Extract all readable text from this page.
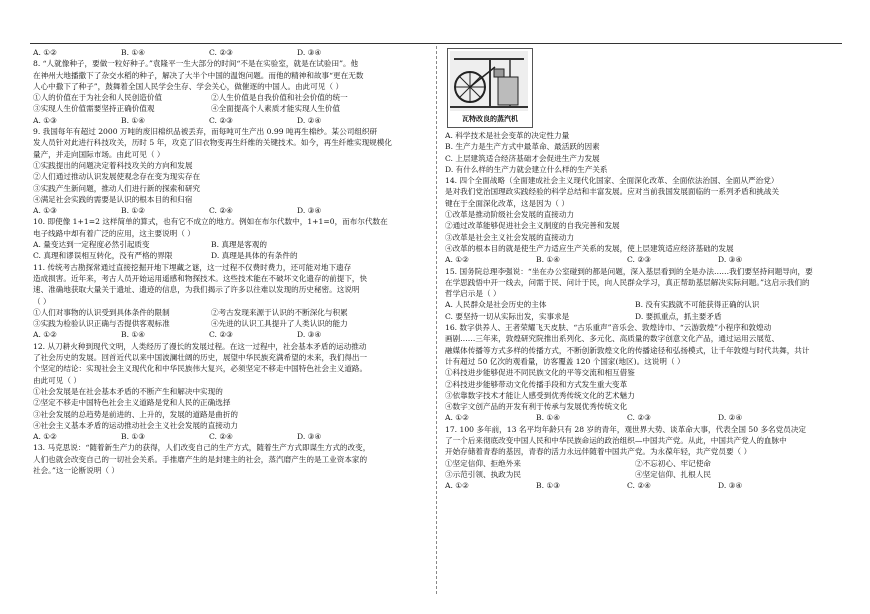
A. ①②	B. ①④	C. ②③	D. ③④
8. “人就像种子，要做一粒好种子。”袁隆平一生大部分的时间“不是在实验室，就是在试验田”。他
在神州大地播撒下了杂交水稻的种子，解决了大半个中国的温饱问题。而他的精神和故事“更在无数
人心中撒下了种子”，鼓舞着全国人民学会生存、学会关心，做催逐的中国人。由此可见（ ）
①人的价值在于为社会和人民创造价值	②人生价值是自我价值和社会价值的统一
③实现人生价值需要坚持正确价值观	④全面提高个人素质才能实现人生价值
A. ①③	B. ①④	C. ②③	D. ②④
9. 我国每年有超过 2000 万吨的废旧棉织品被丢弃，而每吨可生产出 0.99 吨再生棉纱。某公司组织研
发人员针对此进行科技攻关，历时 5 年，攻克了旧衣物变再生纤维的关键技术。如今，再生纤维实现规模化
量产，并走向国际市场。由此可见（ ）
①实践提出的问题决定着科技攻关的方向和发展
②人们通过推动认识发展使观念存在变为现实存在
③实践产生新问题，推动人们进行新的探索和研究
④满足社会实践的需要是认识的根本目的和归宿
A. ①③	B. ①②	C. ②④	D. ③④
10. 即使像 1+1=2 这样简单的算式，也有它不成立的地方。例如在布尔代数中，1+1=0，而布尔代数在
电子线路中却有着广泛的应用，这主要说明（ ）
A. 量变达到一定程度必然引起质变	B. 真理是客观的
C. 真理和谬误相互转化，没有严格的界限	D. 真理是具体的有条件的
11. 传统考古勘探常通过直接挖掘开地下埋藏之谜，这一过程不仅费时费力，还可能对地下遗存
造成损害。近年来，考古人员开始运用遥感和物探技术。这些技术能在不破坏文化遗存的前提下，快
速、准确地获取大量关于遗址、遗迹的信息，为我们揭示了许多以往难以发现的历史秘密。这说明
（ ）
①人们对事物的认识受到具体条件的限制	②考古发现来源于认识的不断深化与积累
③实践为检验认识正确与否提供客观标准	④先进的认识工具提升了人类认识的能力
A. ①②	B. ①④	C. ②③	D. ③④
12. 从刀耕火种到现代文明，人类经历了漫长的发展过程。在这一过程中，社会基本矛盾的运动推动
了社会历史的发展。回首近代以来中国波澜壮阔的历史，展望中华民族充满希望的未来，我们得出一
个坚定的结论：实现社会主义现代化和中华民族伟大复兴，必须坚定不移走中国特色社会主义道路。
由此可见（ ）
①社会发展是在社会基本矛盾的不断产生和解决中实现的
②坚定不移走中国特色社会主义道路是党和人民的正确选择
③社会发展的总趋势是前进的、上升的，发展的道路是曲折的
④社会主义基本矛盾的运动推动社会主义社会发展的直接动力
A. ①②	B. ①③	C. ②④	D. ③④
13. 马克思说：“随着新生产力的获得，人们改变自己的生产方式，随着生产方式即谋生方式的改变，
人们也就会改变自己的一切社会关系。手推磨产生的是封建主的社会，蒸汽磨产生的是工业资本家的
社会。”这一论断说明（ ）
瓦特改良的蒸汽机
A. 科学技术是社会变革的决定性力量
B. 生产力是生产方式中最革命、最活跃的因素
C. 上层建筑适合经济基础才会促进生产力发展
D. 有什么样的生产力就会建立什么样的生产关系
14. 四个全面战略（全面建成社会主义现代化国家、全面深化改革、全面依法治国、全面从严治党）
是对我们党治国理政实践经验的科学总结和丰富发展。应对当前我国发展面临的一系列矛盾和挑战关
键在于全面深化改革，这是因为（ ）
①改革是推动阶级社会发展的直接动力
②通过改革能够促进社会主义制度的自我完善和发展
③改革是社会主义社会发展的直接动力
④改革的根本目的就是使生产力适应生产关系的发展，使上层建筑适应经济基础的发展
A. ①②	B. ①④	C. ②③	D. ③④
15. 国务院总理李强说：“坐在办公室碰到的都是问题，深入基层看到的全是办法……我们要坚持问题导向，要
在学思践悟中开一线去，问需于民、问计于民，向人民群众学习，真正帮助基层解决实际问题。”这启示我们的
哲学启示是（ ）
A. 人民群众是社会历史的主体	B. 没有实践就不可能获得正确的认识
C. 要坚持一切从实际出发，实事求是	D. 要抓重点，抓主要矛盾
16. 数字供养人、王者荣耀飞天皮肤、“古乐重声”音乐会、敦煌诗巾、“云游敦煌”小程序和敦煌动
画剧……三年来，敦煌研究院推出系列化、多元化、高质量的数字创意文化产品，通过运用云展览、
融媒体传播等方式多样的传播方式，不断创新敦煌文化的传播途径和弘扬模式，让千年敦煌与时代共舞，共计
计有超过 50 亿次的观看量，访客覆盖 120 个国家(地区)。这说明（ ）
①科技进步能够促进不同民族文化的平等交流和相互借鉴
②科技进步能够带动文化传播手段和方式发生重大变革
③依靠数字技术才能让人感受到优秀传统文化的艺术魅力
④数字文创产品的开发有利于传承与发展优秀传统文化
A. ①②	B. ①④	C. ②③	D. ②④
17. 100 多年前，13 名平均年龄只有 28 岁的青年，观世界大势、谈革命大事，代表全国 50 多名党员决定
了一个后来彻底改变中国人民和中华民族命运的政治组织—中国共产党。从此，中国共产党人的血脉中
开始存储着青春的基因，青春的活力永远伴随着中国共产党。为永葆年轻，共产党员要（ ）
①坚定信仰、拒绝外来	②不忘初心、牢记使命
③示范引领、执政为民	④坚定信仰、扎根人民
A. ①②	B. ①③	C. ②④	D. ③④
